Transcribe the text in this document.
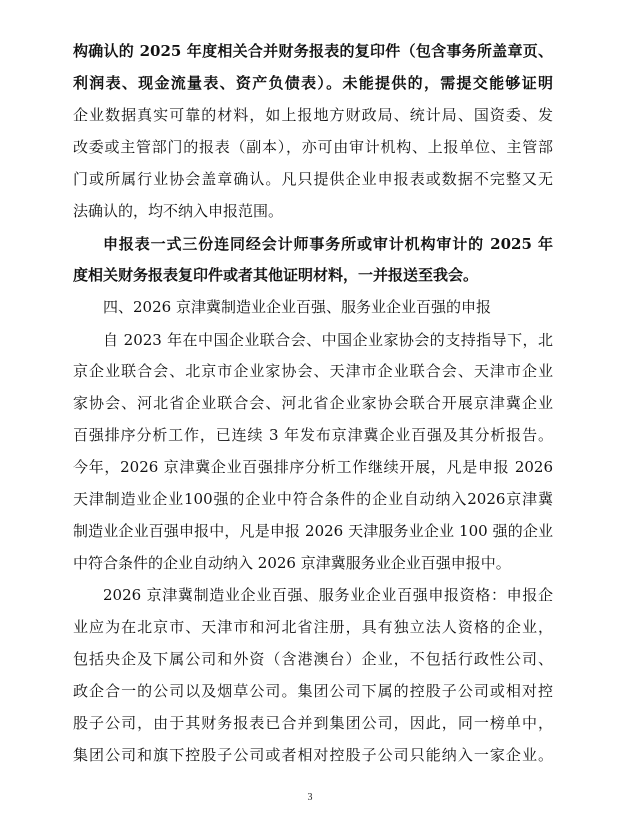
构确认的 2025 年度相关合并财务报表的复印件（包含事务所盖章页、
利润表、现金流量表、资产负债表）。未能提供的，需提交能够证明
企业数据真实可靠的材料，如上报地方财政局、统计局、国资委、发
改委或主管部门的报表（副本），亦可由审计机构、上报单位、主管部
门或所属行业协会盖章确认。凡只提供企业申报表或数据不完整又无
法确认的，均不纳入申报范围。
申报表一式三份连同经会计师事务所或审计机构审计的 2025 年
度相关财务报表复印件或者其他证明材料，一并报送至我会。
四、2026 京津冀制造业企业百强、服务业企业百强的申报
自 2023 年在中国企业联合会、中国企业家协会的支持指导下，北
京企业联合会、北京市企业家协会、天津市企业联合会、天津市企业
家协会、河北省企业联合会、河北省企业家协会联合开展京津冀企业
百强排序分析工作，已连续 3 年发布京津冀企业百强及其分析报告。
今年，2026 京津冀企业百强排序分析工作继续开展，凡是申报 2026
天津制造业企业100强的企业中符合条件的企业自动纳入2026京津冀
制造业企业百强申报中，凡是申报 2026 天津服务业企业 100 强的企业
中符合条件的企业自动纳入 2026 京津冀服务业企业百强申报中。
2026 京津冀制造业企业百强、服务业企业百强申报资格：申报企
业应为在北京市、天津市和河北省注册，具有独立法人资格的企业，
包括央企及下属公司和外资（含港澳台）企业，不包括行政性公司、
政企合一的公司以及烟草公司。集团公司下属的控股子公司或相对控
股子公司，由于其财务报表已合并到集团公司，因此，同一榜单中，
集团公司和旗下控股子公司或者相对控股子公司只能纳入一家企业。
3
